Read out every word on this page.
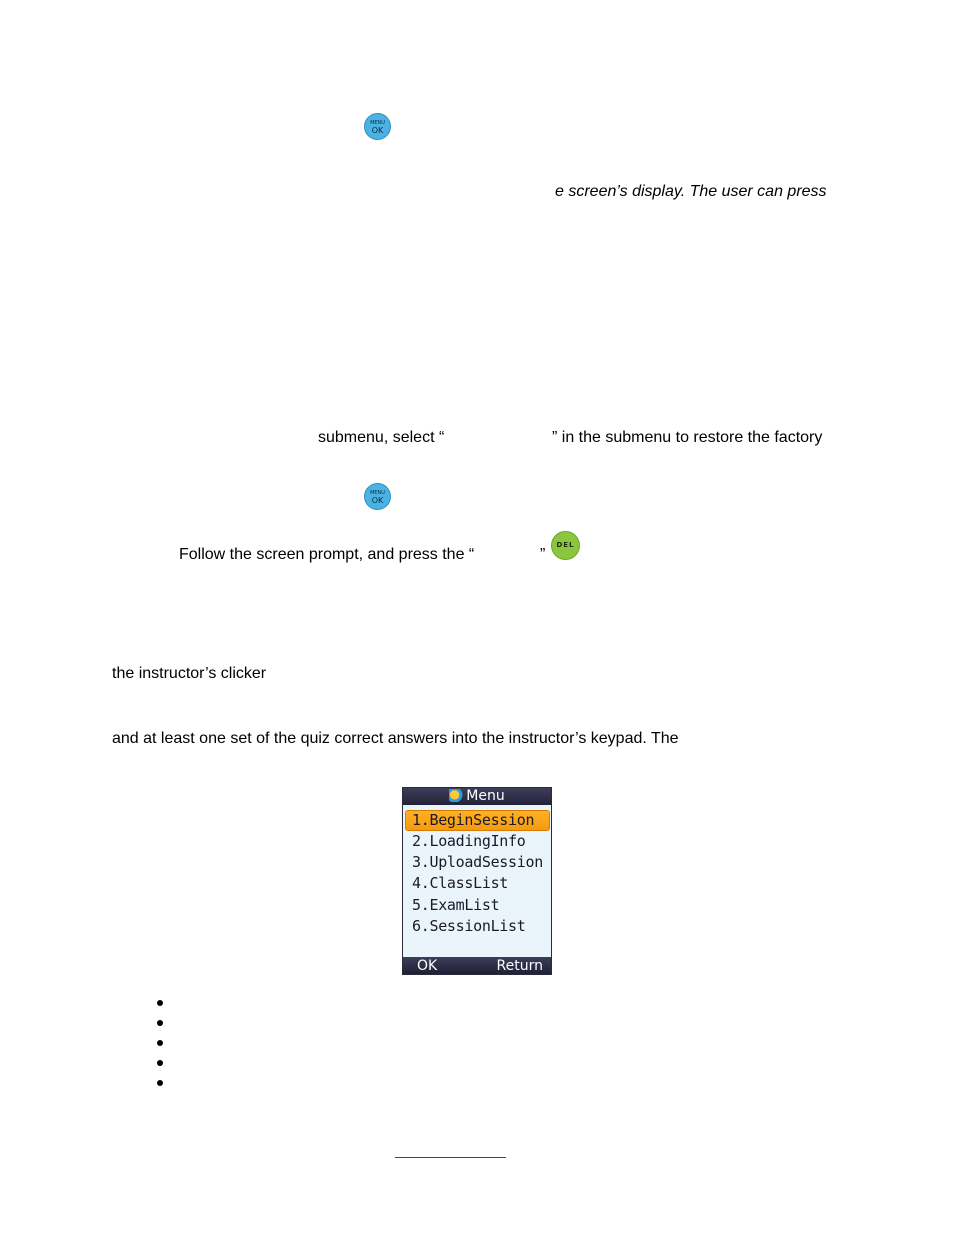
MENU
OK
e screen’s display. The user can press
submenu, select “	” in the submenu to restore the factory
MENU
OK
Follow the screen prompt, and press the “	”
DEL
the instructor’s clicker
and at least one set of the quiz correct answers into the instructor’s keypad. The
Menu
1.BeginSession
2.LoadingInfo
3.UploadSession
4.ClassList
5.ExamList
6.SessionList
OK	Return
